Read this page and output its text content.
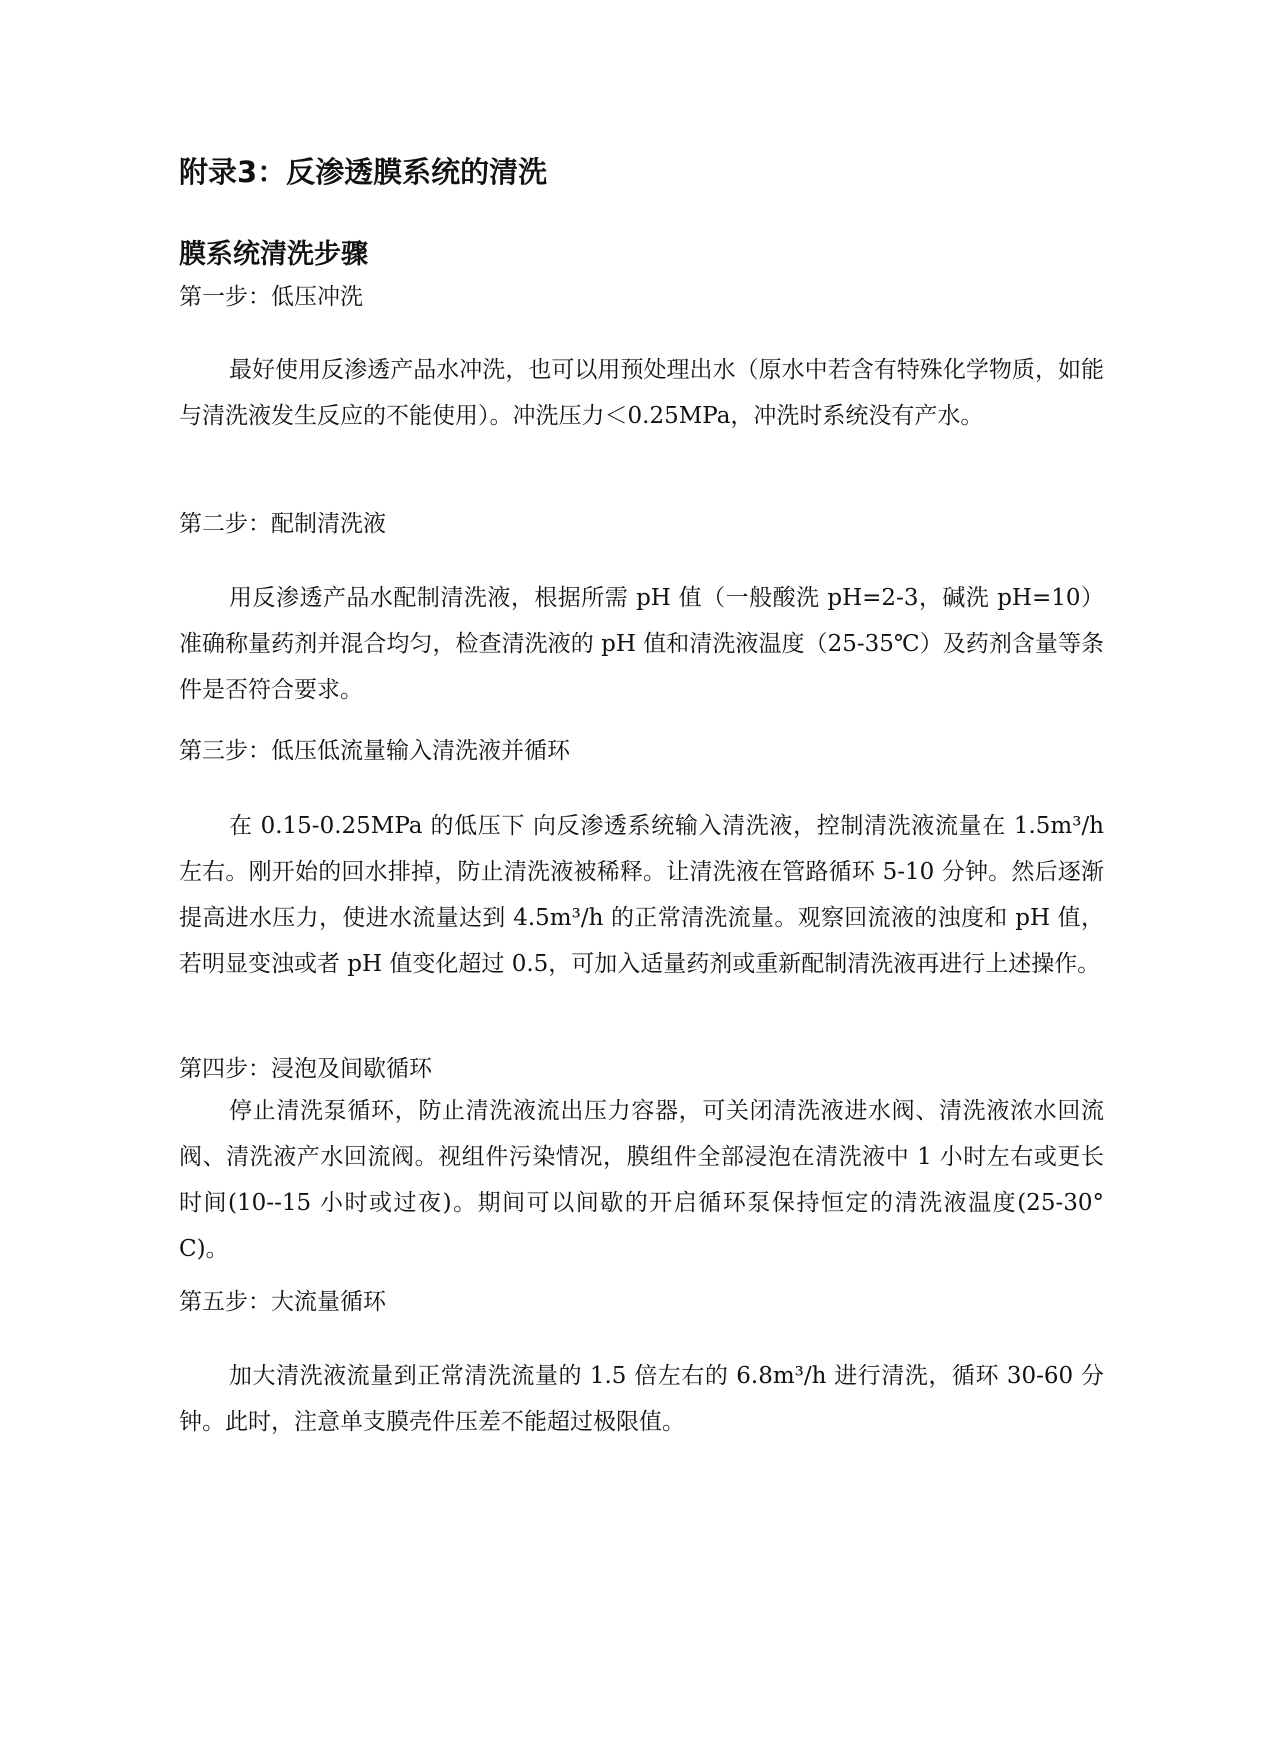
附录3：反渗透膜系统的清洗
膜系统清洗步骤

第一步：低压冲洗

最好使用反渗透产品水冲洗，也可以用预处理出水（原水中若含有特殊化学物质，如能与清洗液发生反应的不能使用）。冲洗压力＜0.25MPa，冲洗时系统没有产水。

第二步：配制清洗液

用反渗透产品水配制清洗液，根据所需 pH 值（一般酸洗 pH=2-3，碱洗 pH=10）准确称量药剂并混合均匀，检查清洗液的 pH 值和清洗液温度（25-35℃）及药剂含量等条件是否符合要求。

第三步：低压低流量输入清洗液并循环

在 0.15-0.25MPa 的低压下 向反渗透系统输入清洗液，控制清洗液流量在 1.5m³/h 左右。刚开始的回水排掉，防止清洗液被稀释。让清洗液在管路循环 5-10 分钟。然后逐渐提高进水压力，使进水流量达到 4.5m³/h 的正常清洗流量。观察回流液的浊度和 pH 值，若明显变浊或者 pH 值变化超过 0.5，可加入适量药剂或重新配制清洗液再进行上述操作。

第四步：浸泡及间歇循环

停止清洗泵循环，防止清洗液流出压力容器，可关闭清洗液进水阀、清洗液浓水回流阀、清洗液产水回流阀。视组件污染情况，膜组件全部浸泡在清洗液中 1 小时左右或更长时间(10--15 小时或过夜)。期间可以间歇的开启循环泵保持恒定的清洗液温度(25-30°C)。

第五步：大流量循环

加大清洗液流量到正常清洗流量的 1.5 倍左右的 6.8m³/h 进行清洗，循环 30-60 分钟。此时，注意单支膜壳件压差不能超过极限值。
